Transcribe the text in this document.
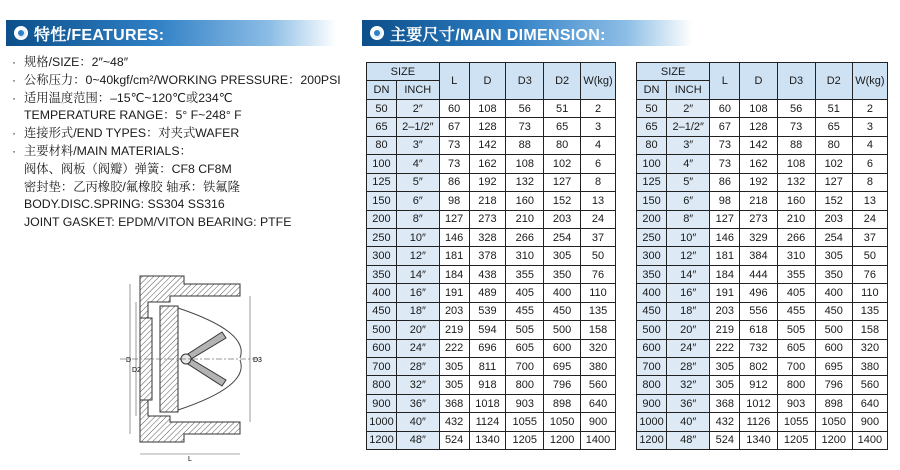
特性/FEATURES:	主要尺寸/MAIN DIMENSION:
· 规格/SIZE：2″~48″
· 公称压力：0~40kgf/cm²/WORKING PRESSURE：200PSI
· 适用温度范围：–15℃~120℃或234℃
TEMPERATURE RANGE：5° F~248° F
· 连接形式/END TYPES：对夹式WAFER
· 主要材料/MAIN MATERIALS：
阀体、阀板（阀瓣）弹簧：CF8 CF8M
密封垫：乙丙橡胶/氟橡胶 轴承：铁氟隆
BODY.DISC.SPRING: SS304 SS316
JOINT GASKET: EPDM/VITON BEARING: PTFE
D
D2
D3
L
SIZE		L	D	D3	D2	W(kg)
DN	INCH					
50	2″	60	108	56	51	2
65	2–1/2″	67	128	73	65	3
80	3″	73	142	88	80	4
100	4″	73	162	108	102	6
125	5″	86	192	132	127	8
150	6″	98	218	160	152	13
200	8″	127	273	210	203	24
250	10″	146	328	266	254	37
300	12″	181	378	310	305	50
350	14″	184	438	355	350	76
400	16″	191	489	405	400	110
450	18″	203	539	455	450	135
500	20″	219	594	505	500	158
600	24″	222	696	605	600	320
700	28″	305	811	700	695	380
800	32″	305	918	800	796	560
900	36″	368	1018	903	898	640
1000	40″	432	1124	1055	1050	900
1200	48″	524	1340	1205	1200	1400
SIZE		L	D	D3	D2	W(kg)
DN	INCH					
50	2″	60	108	56	51	2
65	2–1/2″	67	128	73	65	3
80	3″	73	142	88	80	4
100	4″	73	162	108	102	6
125	5″	86	192	132	127	8
150	6″	98	218	160	152	13
200	8″	127	273	210	203	24
250	10″	146	329	266	254	37
300	12″	181	384	310	305	50
350	14″	184	444	355	350	76
400	16″	191	496	405	400	110
450	18″	203	556	455	450	135
500	20″	219	618	505	500	158
600	24″	222	732	605	600	320
700	28″	305	802	700	695	380
800	32″	305	912	800	796	560
900	36″	368	1012	903	898	640
1000	40″	432	1126	1055	1050	900
1200	48″	524	1340	1205	1200	1400
